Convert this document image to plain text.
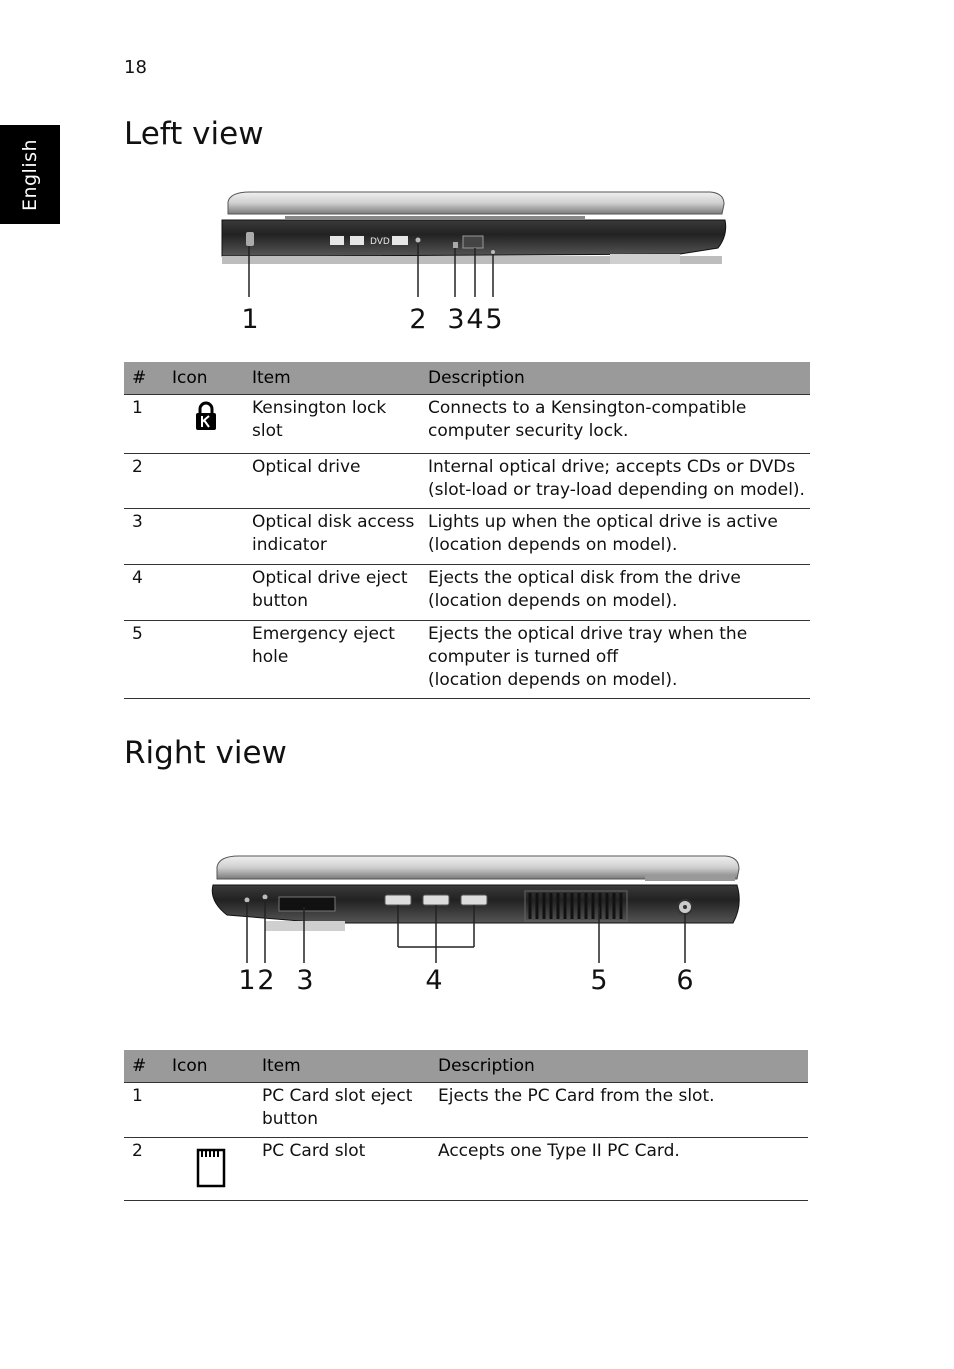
18
English
Left view
DVD
1	2 3 4 5
#	Icon	Item	Description
1		Kensington lock slot	Connects to a Kensington-compatible computer security lock.
2		Optical drive	Internal optical drive; accepts CDs or DVDs (slot-load or tray-load depending on model).
3		Optical disk access indicator	Lights up when the optical drive is active (location depends on model).
4		Optical drive eject button	Ejects the optical disk from the drive (location depends on model).
5		Emergency eject hole	Ejects the optical drive tray when the computer is turned off
(location depends on model).
Right view
1 2 3	4	5	6
#	Icon	Item	Description
1		PC Card slot eject button	Ejects the PC Card from the slot.
2		PC Card slot	Accepts one Type II PC Card.
